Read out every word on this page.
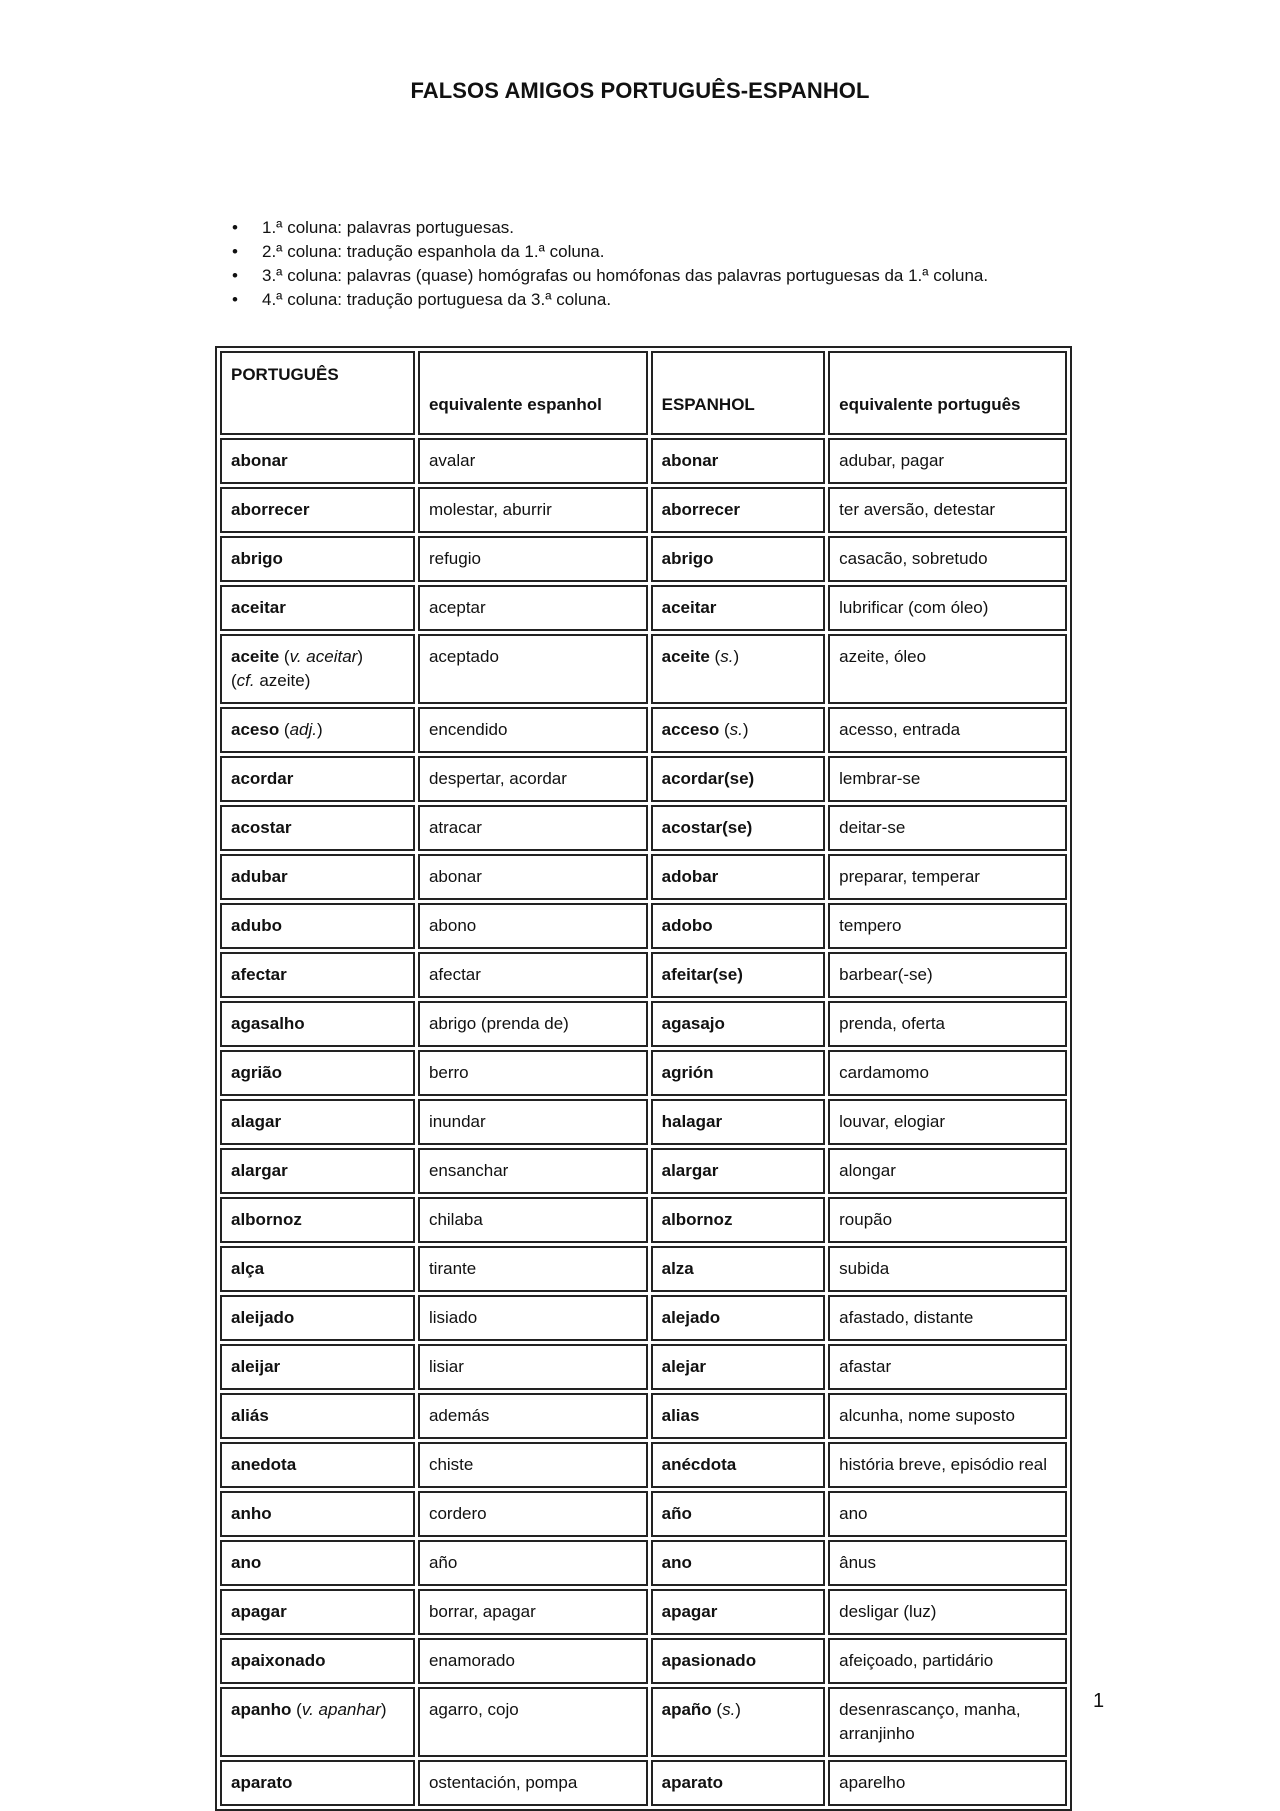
FALSOS AMIGOS PORTUGUÊS-ESPANHOL
• 1.ª coluna: palavras portuguesas.
• 2.ª coluna: tradução espanhola da 1.ª coluna.
• 3.ª coluna: palavras (quase) homógrafas ou homófonas das palavras portuguesas da 1.ª coluna.
• 4.ª coluna: tradução portuguesa da 3.ª coluna.
PORTUGUÊS	equivalente espanhol	ESPANHOL	equivalente português
abonar	avalar	abonar	adubar, pagar
aborrecer	molestar, aburrir	aborrecer	ter aversão, detestar
abrigo	refugio	abrigo	casacão, sobretudo
aceitar	aceptar	aceitar	lubrificar (com óleo)
aceite (v. aceitar)
(cf. azeite)	aceptado	aceite (s.)	azeite, óleo
aceso (adj.)	encendido	acceso (s.)	acesso, entrada
acordar	despertar, acordar	acordar(se)	lembrar-se
acostar	atracar	acostar(se)	deitar-se
adubar	abonar	adobar	preparar, temperar
adubo	abono	adobo	tempero
afectar	afectar	afeitar(se)	barbear(-se)
agasalho	abrigo (prenda de)	agasajo	prenda, oferta
agrião	berro	agrión	cardamomo
alagar	inundar	halagar	louvar, elogiar
alargar	ensanchar	alargar	alongar
albornoz	chilaba	albornoz	roupão
alça	tirante	alza	subida
aleijado	lisiado	alejado	afastado, distante
aleijar	lisiar	alejar	afastar
aliás	además	alias	alcunha, nome suposto
anedota	chiste	anécdota	história breve, episódio real
anho	cordero	año	ano
ano	año	ano	ânus
apagar	borrar, apagar	apagar	desligar (luz)
apaixonado	enamorado	apasionado	afeiçoado, partidário
apanho (v. apanhar)	agarro, cojo	apaño (s.)	desenrascanço, manha, arranjinho
aparato	ostentación, pompa	aparato	aparelho
1
